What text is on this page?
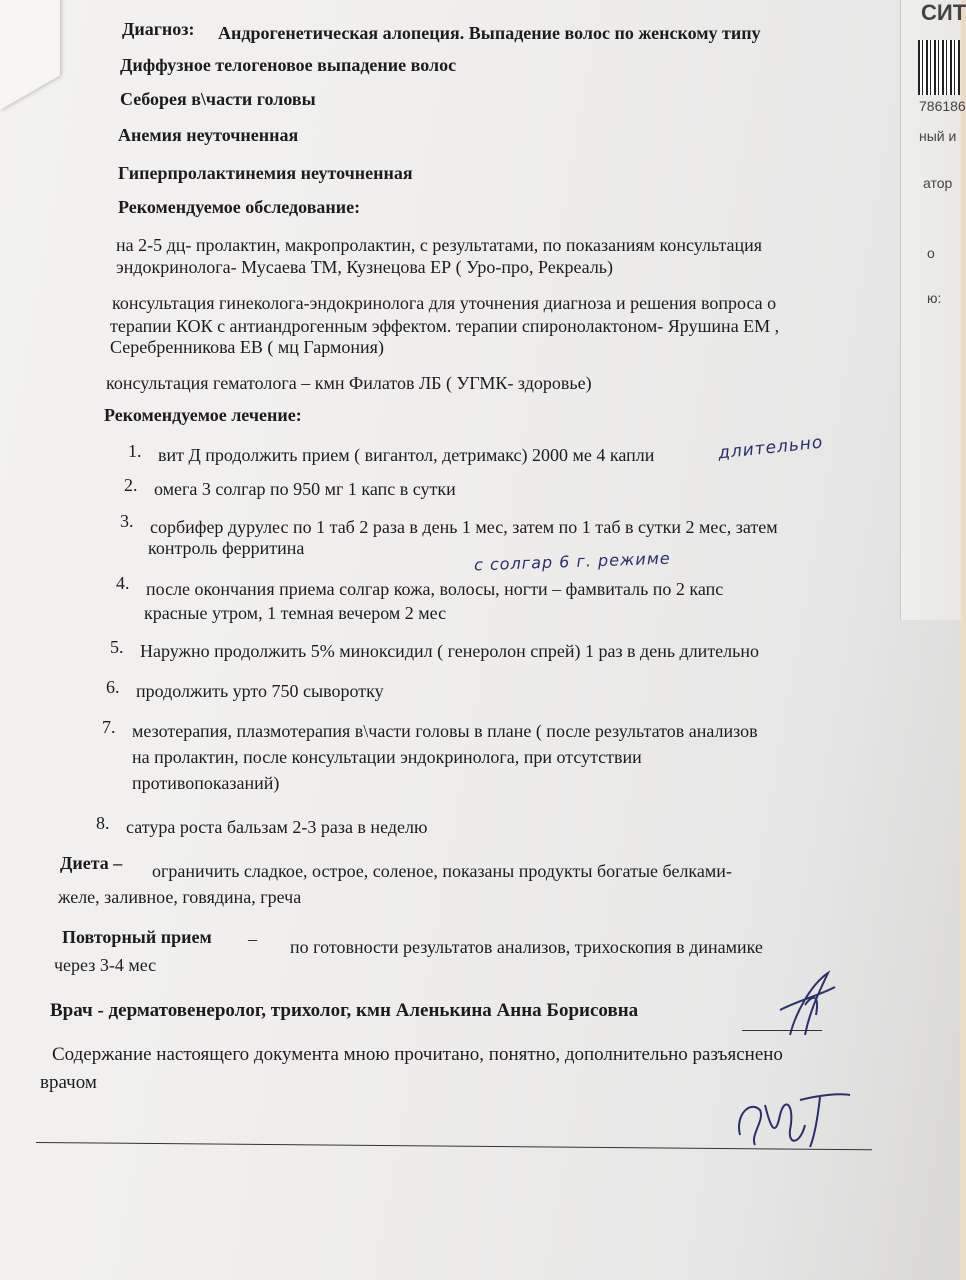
СИТ
786186
ный и
атор
о
ю:
Диагноз: Андрогенетическая алопеция. Выпадение волос по женскому типу
Диффузное телогеновое выпадение волос
Себорея в\части головы
Анемия неуточненная
Гиперпролактинемия неуточненная
Рекомендуемое обследование:
на 2-5 дц- пролактин, макропролактин, с результатами, по показаниям консультация
эндокринолога- Мусаева ТМ, Кузнецова ЕР ( Уро-про, Рекреаль)
консультация гинеколога-эндокринолога для уточнения диагноза и решения вопроса о
терапии КОК с антиандрогенным эффектом. терапии спиронолактоном- Ярушина ЕМ ,
Серебренникова ЕВ ( мц Гармония)
консультация гематолога – кмн Филатов ЛБ ( УГМК- здоровье)
Рекомендуемое лечение:
1. вит Д продолжить прием ( вигантол, детримакс) 2000 ме 4 капли
2. омега 3 солгар по 950 мг 1 капс в сутки
3. сорбифер дурулес по 1 таб 2 раза в день 1 мес, затем по 1 таб в сутки 2 мес, затем
контроль ферритина
4. после окончания приема солгар кожа, волосы, ногти – фамвиталь по 2 капс
красные утром, 1 темная вечером 2 мес
5. Наружно продолжить 5% миноксидил ( генеролон спрей) 1 раз в день длительно
6. продолжить урто 750 сыворотку
7. мезотерапия, плазмотерапия в\части головы в плане ( после результатов анализов
на пролактин, после консультации эндокринолога, при отсутствии
противопоказаний)
8. сатура роста бальзам 2-3 раза в неделю
Диета – ограничить сладкое, острое, соленое, показаны продукты богатые белками-
желе, заливное, говядина, греча
Повторный прием – по готовности результатов анализов, трихоскопия в динамике
через 3-4 мес
Врач - дерматовенеролог, трихолог, кмн Аленькина Анна Борисовна
Содержание настоящего документа мною прочитано, понятно, дополнительно разъяснено
врачом
длительно
с солгар 6 г. режиме
